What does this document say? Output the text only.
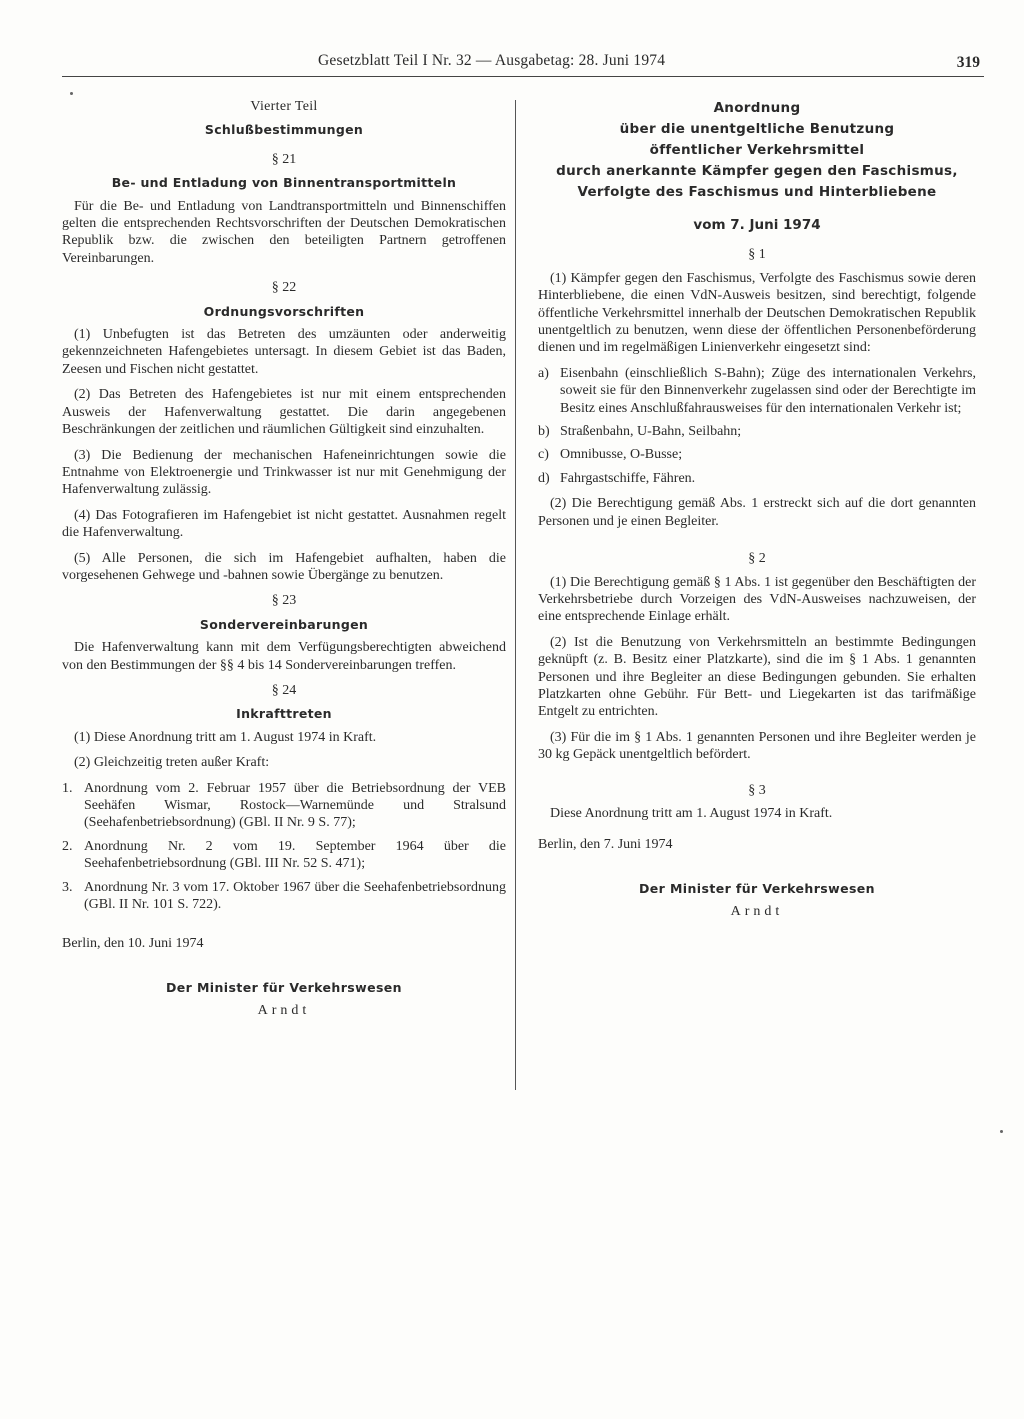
Gesetzblatt Teil I Nr. 32 — Ausgabetag: 28. Juni 1974	319
Vierter Teil
Schlußbestimmungen
§ 21
Be- und Entladung von Binnentransportmitteln

Für die Be- und Entladung von Landtransportmitteln und Binnenschiffen gelten die entsprechenden Rechtsvorschriften der Deutschen Demokratischen Republik bzw. die zwischen den beteiligten Partnern getroffenen Vereinbarungen.

§ 22
Ordnungsvorschriften

(1) Unbefugten ist das Betreten des umzäunten oder anderweitig gekennzeichneten Hafengebietes untersagt. In diesem Gebiet ist das Baden, Zeesen und Fischen nicht gestattet.

(2) Das Betreten des Hafengebietes ist nur mit einem entsprechenden Ausweis der Hafenverwaltung gestattet. Die darin angegebenen Beschränkungen der zeitlichen und räumlichen Gültigkeit sind einzuhalten.

(3) Die Bedienung der mechanischen Hafeneinrichtungen sowie die Entnahme von Elektroenergie und Trinkwasser ist nur mit Genehmigung der Hafenverwaltung zulässig.

(4) Das Fotografieren im Hafengebiet ist nicht gestattet. Ausnahmen regelt die Hafenverwaltung.

(5) Alle Personen, die sich im Hafengebiet aufhalten, haben die vorgesehenen Gehwege und -bahnen sowie Übergänge zu benutzen.

§ 23
Sondervereinbarungen

Die Hafenverwaltung kann mit dem Verfügungsberechtigten abweichend von den Bestimmungen der §§ 4 bis 14 Sondervereinbarungen treffen.

§ 24
Inkrafttreten

(1) Diese Anordnung tritt am 1. August 1974 in Kraft.

(2) Gleichzeitig treten außer Kraft:

1. Anordnung vom 2. Februar 1957 über die Betriebsordnung der VEB Seehäfen Wismar, Rostock—Warnemünde und Stralsund (Seehafenbetriebsordnung) (GBl. II Nr. 9 S. 77);
2. Anordnung Nr. 2 vom 19. September 1964 über die Seehafenbetriebsordnung (GBl. III Nr. 52 S. 471);
3. Anordnung Nr. 3 vom 17. Oktober 1967 über die Seehafenbetriebsordnung (GBl. II Nr. 101 S. 722).

Berlin, den 10. Juni 1974

Der Minister für Verkehrswesen
Arndt
Anordnung
über die unentgeltliche Benutzung
öffentlicher Verkehrsmittel
durch anerkannte Kämpfer gegen den Faschismus,
Verfolgte des Faschismus und Hinterbliebene
vom 7. Juni 1974
§ 1

(1) Kämpfer gegen den Faschismus, Verfolgte des Faschismus sowie deren Hinterbliebene, die einen VdN-Ausweis besitzen, sind berechtigt, folgende öffentliche Verkehrsmittel innerhalb der Deutschen Demokratischen Republik unentgeltlich zu benutzen, wenn diese der öffentlichen Personenbeförderung dienen und im regelmäßigen Linienverkehr eingesetzt sind:

a) Eisenbahn (einschließlich S-Bahn); Züge des internationalen Verkehrs, soweit sie für den Binnenverkehr zugelassen sind oder der Berechtigte im Besitz eines Anschlußfahrausweises für den internationalen Verkehr ist;
b) Straßenbahn, U-Bahn, Seilbahn;
c) Omnibusse, O-Busse;
d) Fahrgastschiffe, Fähren.

(2) Die Berechtigung gemäß Abs. 1 erstreckt sich auf die dort genannten Personen und je einen Begleiter.

§ 2

(1) Die Berechtigung gemäß § 1 Abs. 1 ist gegenüber den Beschäftigten der Verkehrsbetriebe durch Vorzeigen des VdN-Ausweises nachzuweisen, der eine entsprechende Einlage erhält.

(2) Ist die Benutzung von Verkehrsmitteln an bestimmte Bedingungen geknüpft (z. B. Besitz einer Platzkarte), sind die im § 1 Abs. 1 genannten Personen und ihre Begleiter an diese Bedingungen gebunden. Sie erhalten Platzkarten ohne Gebühr. Für Bett- und Liegekarten ist das tarifmäßige Entgelt zu entrichten.

(3) Für die im § 1 Abs. 1 genannten Personen und ihre Begleiter werden je 30 kg Gepäck unentgeltlich befördert.

§ 3

Diese Anordnung tritt am 1. August 1974 in Kraft.

Berlin, den 7. Juni 1974

Der Minister für Verkehrswesen
Arndt
